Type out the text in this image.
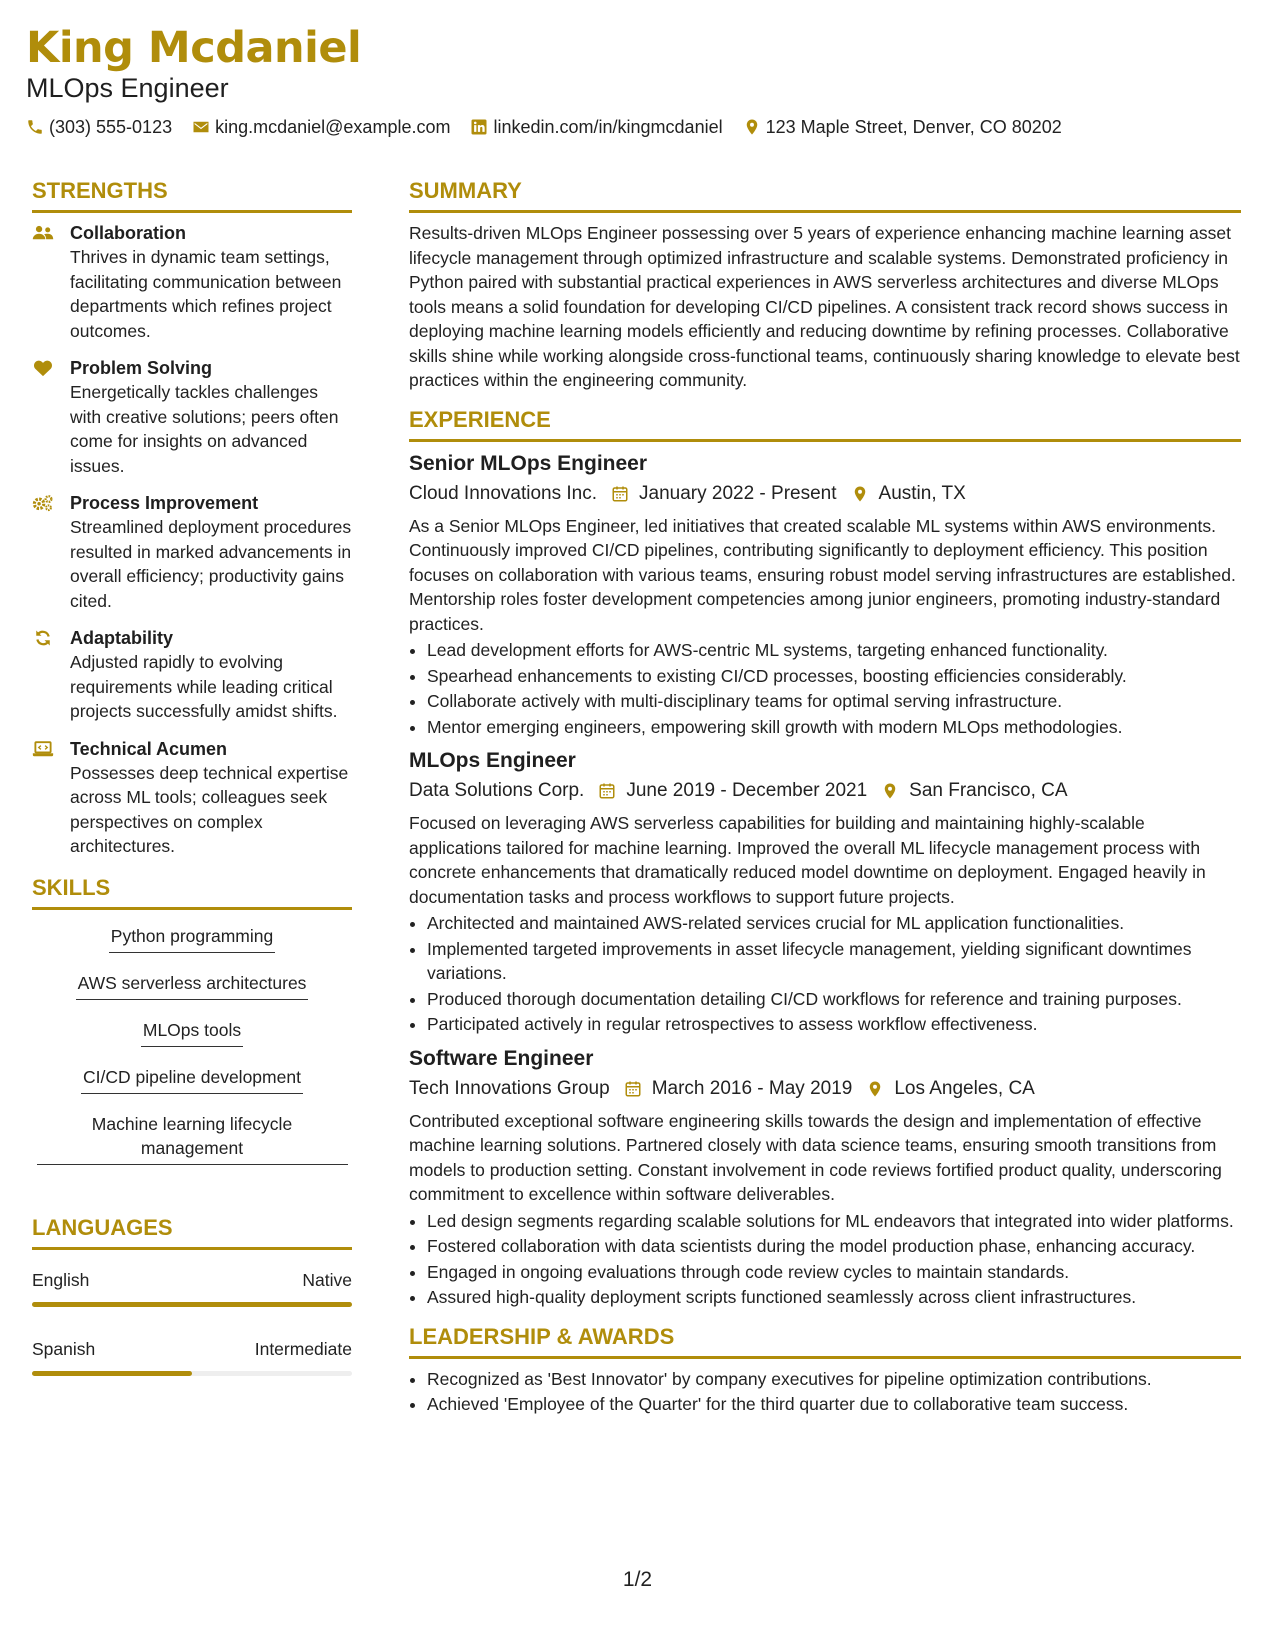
King Mcdaniel
MLOps Engineer
(303) 555-0123 king.mcdaniel@example.com linkedin.com/in/kingmcdaniel 123 Maple Street, Denver, CO 80202
STRENGTHS
Collaboration
Thrives in dynamic team settings, facilitating communication between departments which refines project outcomes.
Problem Solving
Energetically tackles challenges with creative solutions; peers often come for insights on advanced issues.
Process Improvement
Streamlined deployment procedures resulted in marked advancements in overall efficiency; productivity gains cited.
Adaptability
Adjusted rapidly to evolving requirements while leading critical projects successfully amidst shifts.
Technical Acumen
Possesses deep technical expertise across ML tools; colleagues seek perspectives on complex architectures.
SKILLS
Python programming
AWS serverless architectures
MLOps tools
CI/CD pipeline development
Machine learning lifecycle management
LANGUAGES
English	Native
Spanish	Intermediate
SUMMARY
Results-driven MLOps Engineer possessing over 5 years of experience enhancing machine learning asset lifecycle management through optimized infrastructure and scalable systems. Demonstrated proficiency in Python paired with substantial practical experiences in AWS serverless architectures and diverse MLOps tools means a solid foundation for developing CI/CD pipelines. A consistent track record shows success in deploying machine learning models efficiently and reducing downtime by refining processes. Collaborative skills shine while working alongside cross-functional teams, continuously sharing knowledge to elevate best practices within the engineering community.
EXPERIENCE
Senior MLOps Engineer
Cloud Innovations Inc. January 2022 - Present Austin, TX
As a Senior MLOps Engineer, led initiatives that created scalable ML systems within AWS environments. Continuously improved CI/CD pipelines, contributing significantly to deployment efficiency. This position focuses on collaboration with various teams, ensuring robust model serving infrastructures are established. Mentorship roles foster development competencies among junior engineers, promoting industry-standard practices.
• Lead development efforts for AWS-centric ML systems, targeting enhanced functionality.
• Spearhead enhancements to existing CI/CD processes, boosting efficiencies considerably.
• Collaborate actively with multi-disciplinary teams for optimal serving infrastructure.
• Mentor emerging engineers, empowering skill growth with modern MLOps methodologies.
MLOps Engineer
Data Solutions Corp. June 2019 - December 2021 San Francisco, CA
Focused on leveraging AWS serverless capabilities for building and maintaining highly-scalable applications tailored for machine learning. Improved the overall ML lifecycle management process with concrete enhancements that dramatically reduced model downtime on deployment. Engaged heavily in documentation tasks and process workflows to support future projects.
• Architected and maintained AWS-related services crucial for ML application functionalities.
• Implemented targeted improvements in asset lifecycle management, yielding significant downtimes variations.
• Produced thorough documentation detailing CI/CD workflows for reference and training purposes.
• Participated actively in regular retrospectives to assess workflow effectiveness.
Software Engineer
Tech Innovations Group March 2016 - May 2019 Los Angeles, CA
Contributed exceptional software engineering skills towards the design and implementation of effective machine learning solutions. Partnered closely with data science teams, ensuring smooth transitions from models to production setting. Constant involvement in code reviews fortified product quality, underscoring commitment to excellence within software deliverables.
• Led design segments regarding scalable solutions for ML endeavors that integrated into wider platforms.
• Fostered collaboration with data scientists during the model production phase, enhancing accuracy.
• Engaged in ongoing evaluations through code review cycles to maintain standards.
• Assured high-quality deployment scripts functioned seamlessly across client infrastructures.
LEADERSHIP & AWARDS
• Recognized as 'Best Innovator' by company executives for pipeline optimization contributions.
• Achieved 'Employee of the Quarter' for the third quarter due to collaborative team success.
1/2
